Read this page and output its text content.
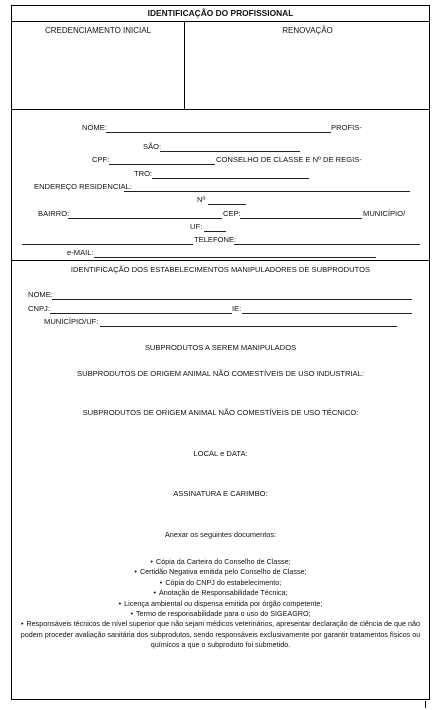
IDENTIFICAÇÃO DO PROFISSIONAL
CREDENCIAMENTO INICIAL	RENOVAÇÃO
NOME:	PROFIS-
SÃO:
CPF:	CONSELHO DE CLASSE E Nº DE REGIS-
TRO:
ENDEREÇO RESIDENCIAL:
Nº
BAIRRO:	CEP:	MUNICÍPIO/
UF:
TELEFONE:
e-MAIL:
IDENTIFICAÇÃO DOS ESTABELECIMENTOS MANIPULADORES DE SUBPRODUTOS
NOME:
CNPJ:	IE:
MUNICÍPIO/UF:
SUBPRODUTOS A SEREM MANIPULADOS
SUBPRODUTOS DE ORIGEM ANIMAL NÃO COMESTÍVEIS DE USO INDUSTRIAL:
SUBPRODUTOS DE ORIGEM ANIMAL NÃO COMESTÍVEIS DE USO TÉCNICO:
LOCAL e DATA:
ASSINATURA E CARIMBO:
Anexar os seguintes documentos:
• Cópia da Carteira do Conselho de Classe;
• Certidão Negativa emitida pelo Conselho de Classe;
• Cópia do CNPJ do estabelecimento;
• Anotação de Responsabilidade Técnica;
• Licença ambiental ou dispensa emitida por órgão competente;
• Termo de responsabilidade para o uso do SIGEAGRO;
• Responsáveis técnicos de nível superior que não sejam médicos veterinários, apresentar declaração de ciência de que não podem proceder avaliação sanitária dos subprodutos, sendo responsáveis exclusivamente por garantir tratamentos físicos ou químicos a que o subproduto foi submetido.
